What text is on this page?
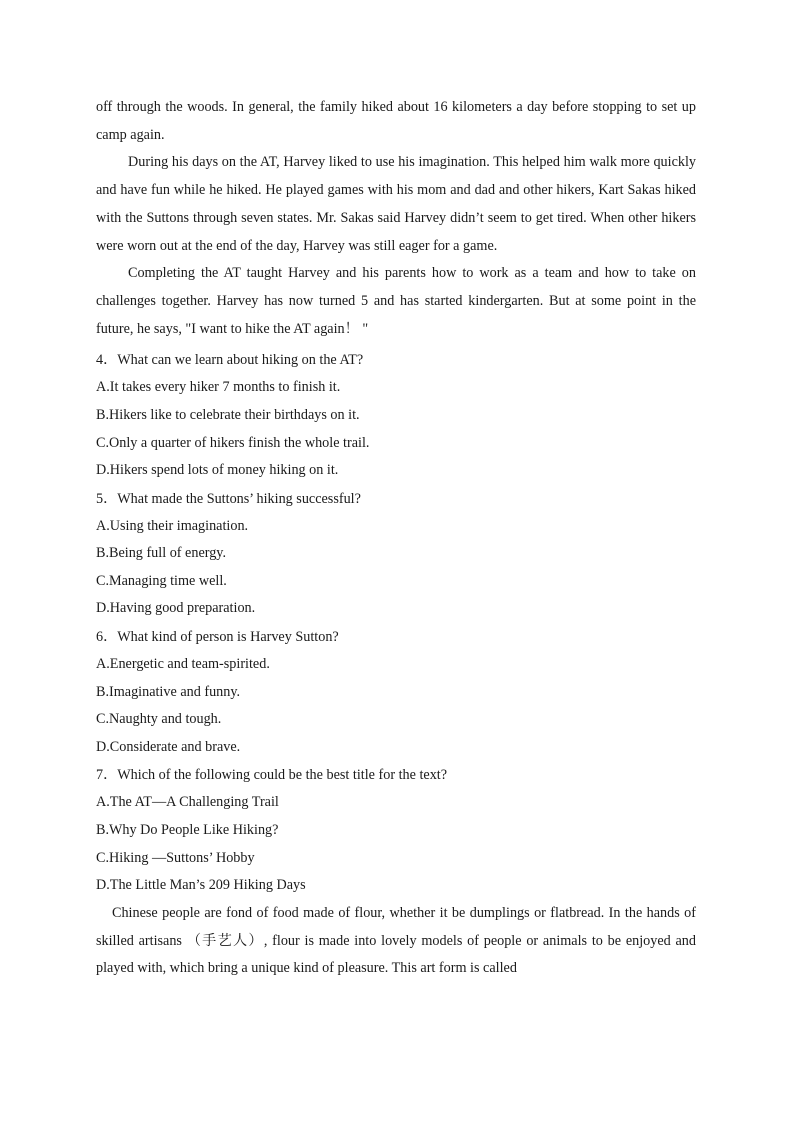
off through the woods. In general, the family hiked about 16 kilometers a day before stopping to set up camp again.

During his days on the AT, Harvey liked to use his imagination. This helped him walk more quickly and have fun while he hiked. He played games with his mom and dad and other hikers, Kart Sakas hiked with the Suttons through seven states. Mr. Sakas said Harvey didn’t seem to get tired. When other hikers were worn out at the end of the day, Harvey was still eager for a game.

Completing the AT taught Harvey and his parents how to work as a team and how to take on challenges together. Harvey has now turned 5 and has started kindergarten. But at some point in the future, he says, "I want to hike the AT again！ "

4．What can we learn about hiking on the AT?

A.It takes every hiker 7 months to finish it.

B.Hikers like to celebrate their birthdays on it.

C.Only a quarter of hikers finish the whole trail.

D.Hikers spend lots of money hiking on it.

5．What made the Suttons’ hiking successful?

A.Using their imagination.

B.Being full of energy.

C.Managing time well.

D.Having good preparation.

6．What kind of person is Harvey Sutton?

A.Energetic and team-spirited.

B.Imaginative and funny.

C.Naughty and tough.

D.Considerate and brave.

7．Which of the following could be the best title for the text?

A.The AT—A Challenging Trail

B.Why Do People Like Hiking?

C.Hiking —Suttons’ Hobby

D.The Little Man’s 209 Hiking Days

Chinese people are fond of food made of flour, whether it be dumplings or flatbread. In the hands of skilled artisans （手艺人）, flour is made into lovely models of people or animals to be enjoyed and played with, which bring a unique kind of pleasure. This art form is called
